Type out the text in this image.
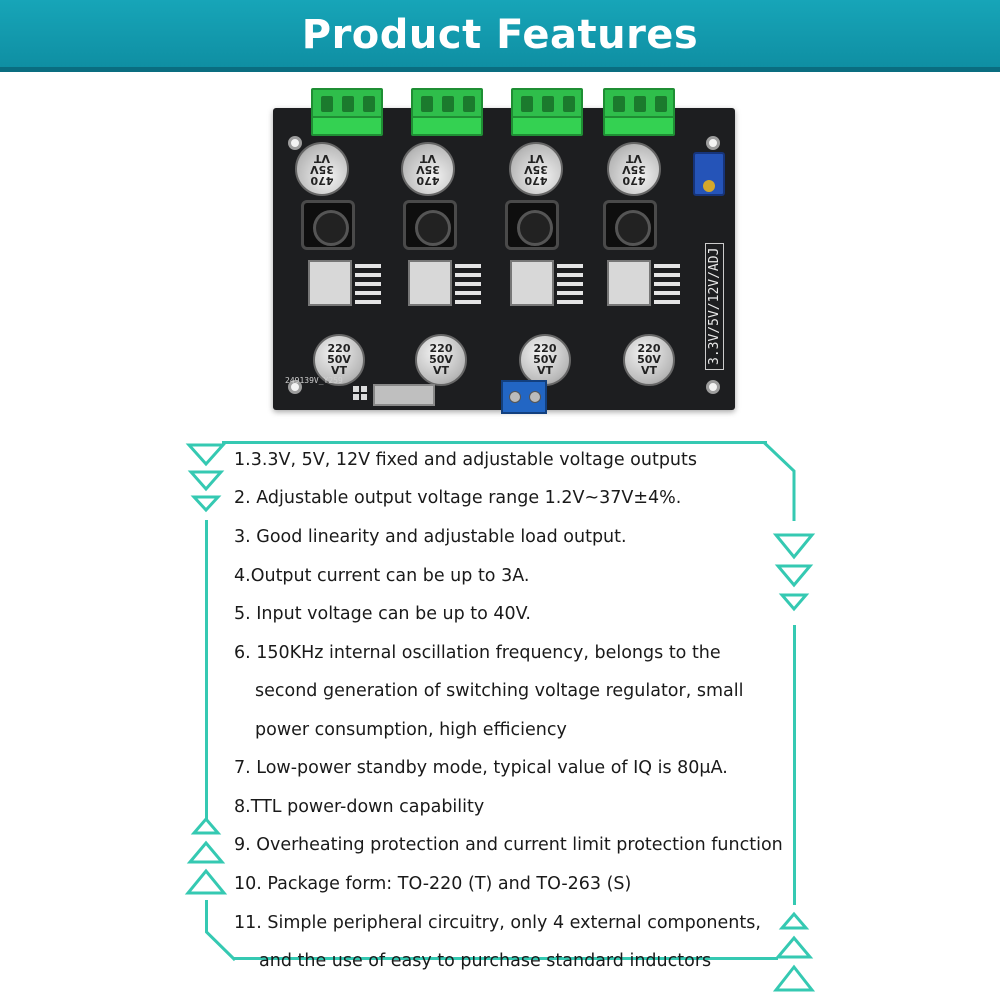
Product Features
470
35V
VT
470
35V
VT
470
35V
VT
470
35V
VT
220
50V
VT
220
50V
VT
220
50V
VT
220
50V
VT
3.3V/5V/12V/ADJ
249139V_Y259
1.3.3V, 5V, 12V fixed and adjustable voltage outputs
2. Adjustable output voltage range 1.2V~37V±4%.
3. Good linearity and adjustable load output.
4.Output current can be up to 3A.
5. Input voltage can be up to 40V.
6. 150KHz internal oscillation frequency, belongs to the
second generation of switching voltage regulator, small
power consumption, high efficiency
7. Low-power standby mode, typical value of IQ is 80μA.
8.TTL power-down capability
9. Overheating protection and current limit protection function
10. Package form: TO-220 (T) and TO-263 (S)
11. Simple peripheral circuitry, only 4 external components,
and the use of easy to purchase standard inductors
